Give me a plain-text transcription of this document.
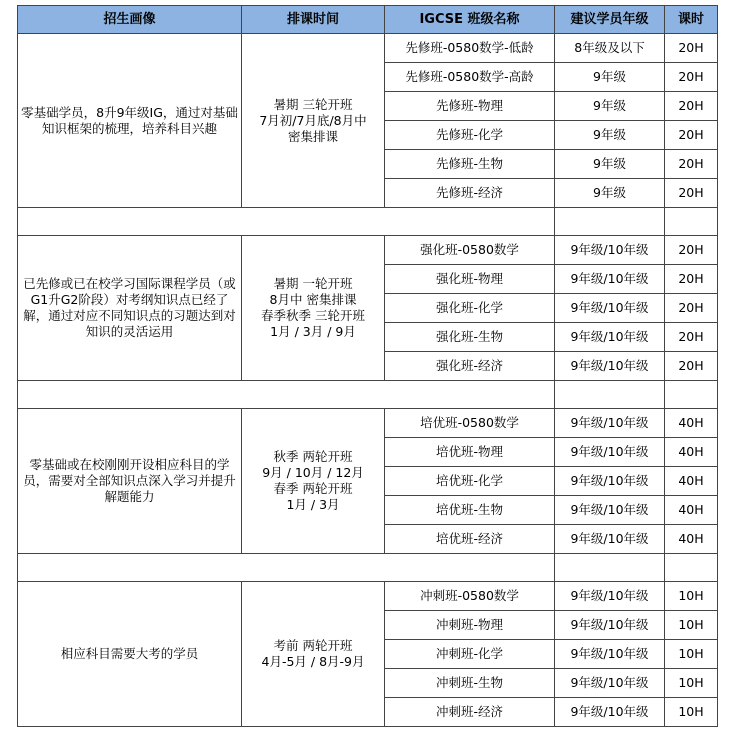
招生画像	排课时间	IGCSE 班级名称	建议学员年级	课时
零基础学员，8升9年级IG，通过对基础知识框架的梳理，培养科目兴趣	暑期 三轮开班
7月初/7月底/8月中
密集排课	先修班-0580数学-低龄	8年级及以下	20H
		先修班-0580数学-高龄	9年级	20H
		先修班-物理	9年级	20H
		先修班-化学	9年级	20H
		先修班-生物	9年级	20H
		先修班-经济	9年级	20H

已先修或已在校学习国际课程学员（或G1升G2阶段）对考纲知识点已经了解，通过对应不同知识点的习题达到对知识的灵活运用	暑期 一轮开班
8月中 密集排课
春季秋季 三轮开班
1月 / 3月 / 9月	强化班-0580数学	9年级/10年级	20H
		强化班-物理	9年级/10年级	20H
		强化班-化学	9年级/10年级	20H
		强化班-生物	9年级/10年级	20H
		强化班-经济	9年级/10年级	20H

零基础或在校刚刚开设相应科目的学员，需要对全部知识点深入学习并提升解题能力	秋季 两轮开班
9月 / 10月 / 12月
春季 两轮开班
1月 / 3月	培优班-0580数学	9年级/10年级	40H
		培优班-物理	9年级/10年级	40H
		培优班-化学	9年级/10年级	40H
		培优班-生物	9年级/10年级	40H
		培优班-经济	9年级/10年级	40H

相应科目需要大考的学员	考前 两轮开班
4月-5月 / 8月-9月	冲刺班-0580数学	9年级/10年级	10H
		冲刺班-物理	9年级/10年级	10H
		冲刺班-化学	9年级/10年级	10H
		冲刺班-生物	9年级/10年级	10H
		冲刺班-经济	9年级/10年级	10H
